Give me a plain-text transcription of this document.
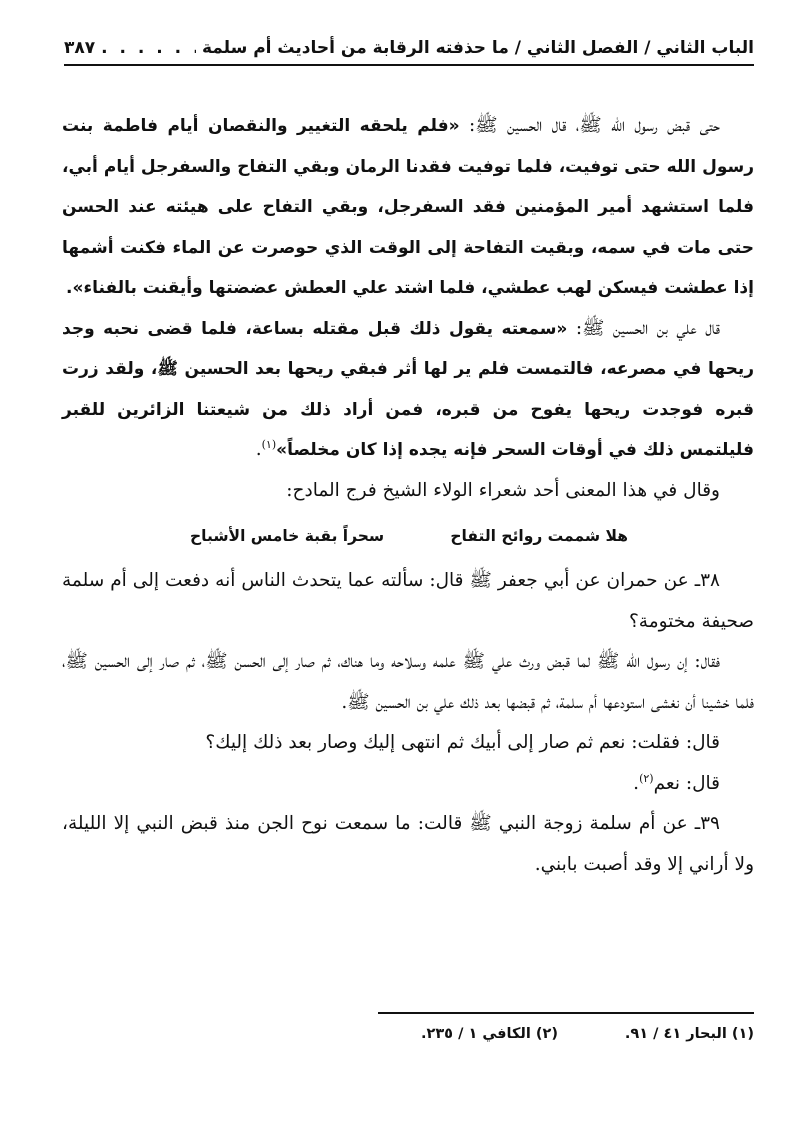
الباب الثاني / الفصل الثاني / ما حذفته الرقابة من أحاديث أم سلمة
. . .
٣٨٧

حتى قبض رسول الله ﷺ، قال الحسين ﷺ: «فلم يلحقه التغيير والنقصان أيام فاطمة بنت رسول الله حتى توفيت، فلما توفيت فقدنا الرمان وبقي التفاح والسفرجل أيام أبي، فلما استشهد أمير المؤمنين فقد السفرجل، وبقي التفاح على هيئته عند الحسن حتى مات في سمه، وبقيت التفاحة إلى الوقت الذي حوصرت عن الماء فكنت أشمها إذا عطشت فيسكن لهب عطشي، فلما اشتد علي العطش عضضتها وأيقنت بالفناء».

قال علي بن الحسين ﷺ: «سمعته يقول ذلك قبل مقتله بساعة، فلما قضى نحبه وجد ريحها في مصرعه، فالتمست فلم ير لها أثر فبقي ريحها بعد الحسين ﷺ، ولقد زرت قبره فوجدت ريحها يفوح من قبره، فمن أراد ذلك من شيعتنا الزائرين للقبر فليلتمس ذلك في أوقات السحر فإنه يجده إذا كان مخلصاً»$^{(١)}$.

وقال في هذا المعنى أحد شعراء الولاء الشيخ فرج المادح:

هلا شممت روائح التفاح
سحراً بقبة خامس الأشباح

٣٨ـ عن حمران عن أبي جعفر ﷺ قال: سألته عما يتحدث الناس أنه دفعت إلى أم سلمة صحيفة مختومة؟

فقال: إن رسول الله ﷺ لما قبض ورث علي ﷺ علمه وسلاحه وما هناك، ثم صار إلى الحسن ﷺ، ثم صار إلى الحسين ﷺ، فلما خشينا أن نغشى استودعها أم سلمة، ثم قبضها بعد ذلك علي بن الحسين ﷺ.

قال: فقلت: نعم ثم صار إلى أبيك ثم انتهى إليك وصار بعد ذلك إليك؟

قال: نعم$^{(٢)}$.

٣٩ـ عن أم سلمة زوجة النبي ﷺ قالت: ما سمعت نوح الجن منذ قبض النبي إلا الليلة، ولا أراني إلا وقد أصبت بابني.

(١) البحار ٤١ / ٩١.
(٢) الكافي ١ / ٢٣٥.
